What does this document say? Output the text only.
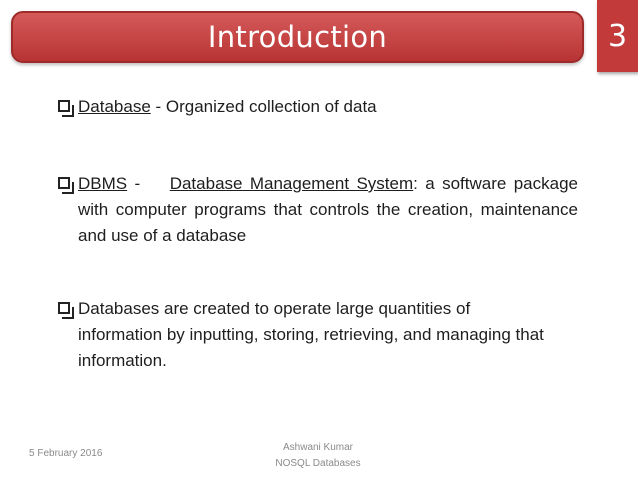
Introduction	3
Database - Organized collection of data
DBMS -    Database Management System: a software package with computer programs that controls the creation, maintenance and use of a database
Databases are created to operate large quantities of information by inputting, storing, retrieving, and managing that information.
5 February 2016
Ashwani Kumar
NOSQL Databases
